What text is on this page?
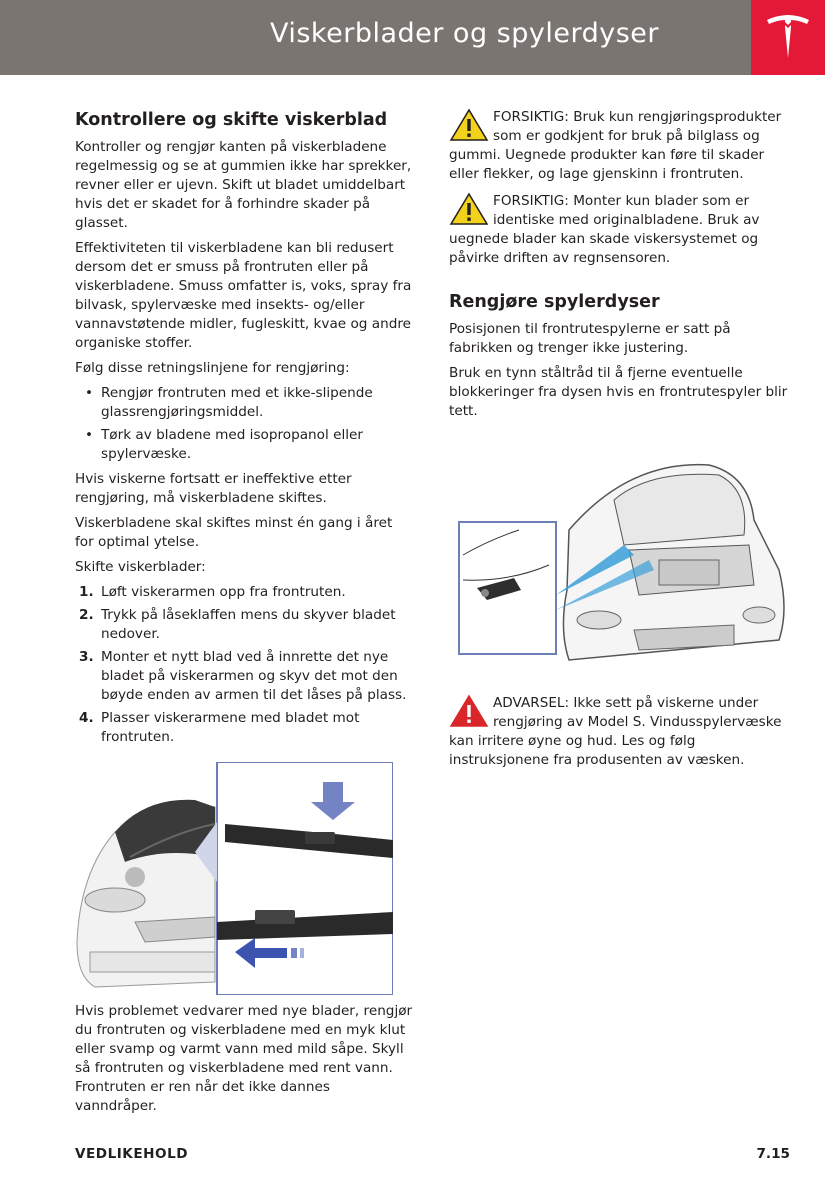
Viskerblader og spylerdyser
Kontrollere og skifte viskerblad

Kontroller og rengjør kanten på viskerbladene regelmessig og se at gummien ikke har sprekker, revner eller er ujevn. Skift ut bladet umiddelbart hvis det er skadet for å forhindre skader på glasset.

Effektiviteten til viskerbladene kan bli redusert dersom det er smuss på frontruten eller på viskerbladene. Smuss omfatter is, voks, spray fra bilvask, spylervæske med insekts- og/eller vannavstøtende midler, fugleskitt, kvae og andre organiske stoffer.

Følg disse retningslinjene for rengjøring:

• Rengjør frontruten med et ikke-slipende glassrengjøringsmiddel.
• Tørk av bladene med isopropanol eller spylervæske.

Hvis viskerne fortsatt er ineffektive etter rengjøring, må viskerbladene skiftes.

Viskerbladene skal skiftes minst én gang i året for optimal ytelse.

Skifte viskerblader:

1. Løft viskerarmen opp fra frontruten.
2. Trykk på låseklaffen mens du skyver bladet nedover.
3. Monter et nytt blad ved å innrette det nye bladet på viskerarmen og skyv det mot den bøyde enden av armen til det låses på plass.
4. Plasser viskerarmene med bladet mot frontruten.

Hvis problemet vedvarer med nye blader, rengjør du frontruten og viskerbladene med en myk klut eller svamp og varmt vann med mild såpe. Skyll så frontruten og viskerbladene med rent vann. Frontruten er ren når det ikke dannes vanndråper.

FORSIKTIG: Bruk kun rengjøringsprodukter som er godkjent for bruk på bilglass og gummi. Uegnede produkter kan føre til skader eller flekker, og lage gjenskinn i frontruten.
FORSIKTIG: Monter kun blader som er identiske med originalbladene. Bruk av uegnede blader kan skade viskersystemet og påvirke driften av regnsensoren.
Rengjøre spylerdyser

Posisjonen til frontrutespylerne er satt på fabrikken og trenger ikke justering.

Bruk en tynn ståltråd til å fjerne eventuelle blokkeringer fra dysen hvis en frontrutespyler blir tett.

ADVARSEL: Ikke sett på viskerne under rengjøring av Model S. Vindusspylervæske kan irritere øyne og hud. Les og følg instruksjonene fra produsenten av væsken.
VEDLIKEHOLD	7.15
